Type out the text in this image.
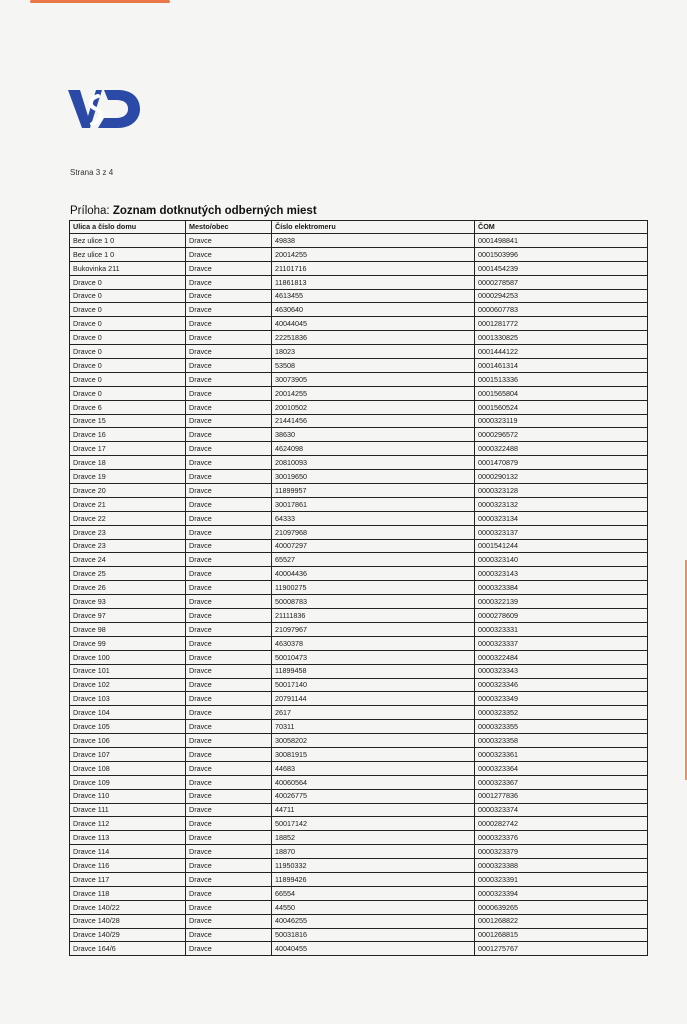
Strana 3 z 4
Príloha: Zoznam dotknutých odberných miest
Ulica a číslo domu	Mesto/obec	Číslo elektromeru	ČOM
Bez ulice 1 0	Dravce	49838	0001498841
Bez ulice 1 0	Dravce	20014255	0001503996
Bukovinka 211	Dravce	21101716	0001454239
Dravce 0	Dravce	11861813	0000278587
Dravce 0	Dravce	4613455	0000294253
Dravce 0	Dravce	4630640	0000607783
Dravce 0	Dravce	40044045	0001281772
Dravce 0	Dravce	22251836	0001330825
Dravce 0	Dravce	18023	0001444122
Dravce 0	Dravce	53508	0001461314
Dravce 0	Dravce	30073905	0001513336
Dravce 0	Dravce	20014255	0001565804
Dravce 6	Dravce	20010502	0001560524
Dravce 15	Dravce	21441456	0000323119
Dravce 16	Dravce	38630	0000296572
Dravce 17	Dravce	4624098	0000322488
Dravce 18	Dravce	20810093	0001470879
Dravce 19	Dravce	30019650	0000290132
Dravce 20	Dravce	11899957	0000323128
Dravce 21	Dravce	30017861	0000323132
Dravce 22	Dravce	64333	0000323134
Dravce 23	Dravce	21097968	0000323137
Dravce 23	Dravce	40007297	0001541244
Dravce 24	Dravce	65527	0000323140
Dravce 25	Dravce	40004436	0000323143
Dravce 26	Dravce	11900275	0000323384
Dravce 93	Dravce	50008783	0000322139
Dravce 97	Dravce	21111836	0000278609
Dravce 98	Dravce	21097967	0000323331
Dravce 99	Dravce	4630378	0000323337
Dravce 100	Dravce	50010473	0000322484
Dravce 101	Dravce	11899458	0000323343
Dravce 102	Dravce	50017140	0000323346
Dravce 103	Dravce	20791144	0000323349
Dravce 104	Dravce	2617	0000323352
Dravce 105	Dravce	70311	0000323355
Dravce 106	Dravce	30058202	0000323358
Dravce 107	Dravce	30081915	0000323361
Dravce 108	Dravce	44683	0000323364
Dravce 109	Dravce	40060564	0000323367
Dravce 110	Dravce	40026775	0001277836
Dravce 111	Dravce	44711	0000323374
Dravce 112	Dravce	50017142	0000282742
Dravce 113	Dravce	18852	0000323376
Dravce 114	Dravce	18870	0000323379
Dravce 116	Dravce	11950332	0000323388
Dravce 117	Dravce	11899426	0000323391
Dravce 118	Dravce	66554	0000323394
Dravce 140/22	Dravce	44550	0000639265
Dravce 140/28	Dravce	40046255	0001268822
Dravce 140/29	Dravce	50031816	0001268815
Dravce 164/6	Dravce	40040455	0001275767
